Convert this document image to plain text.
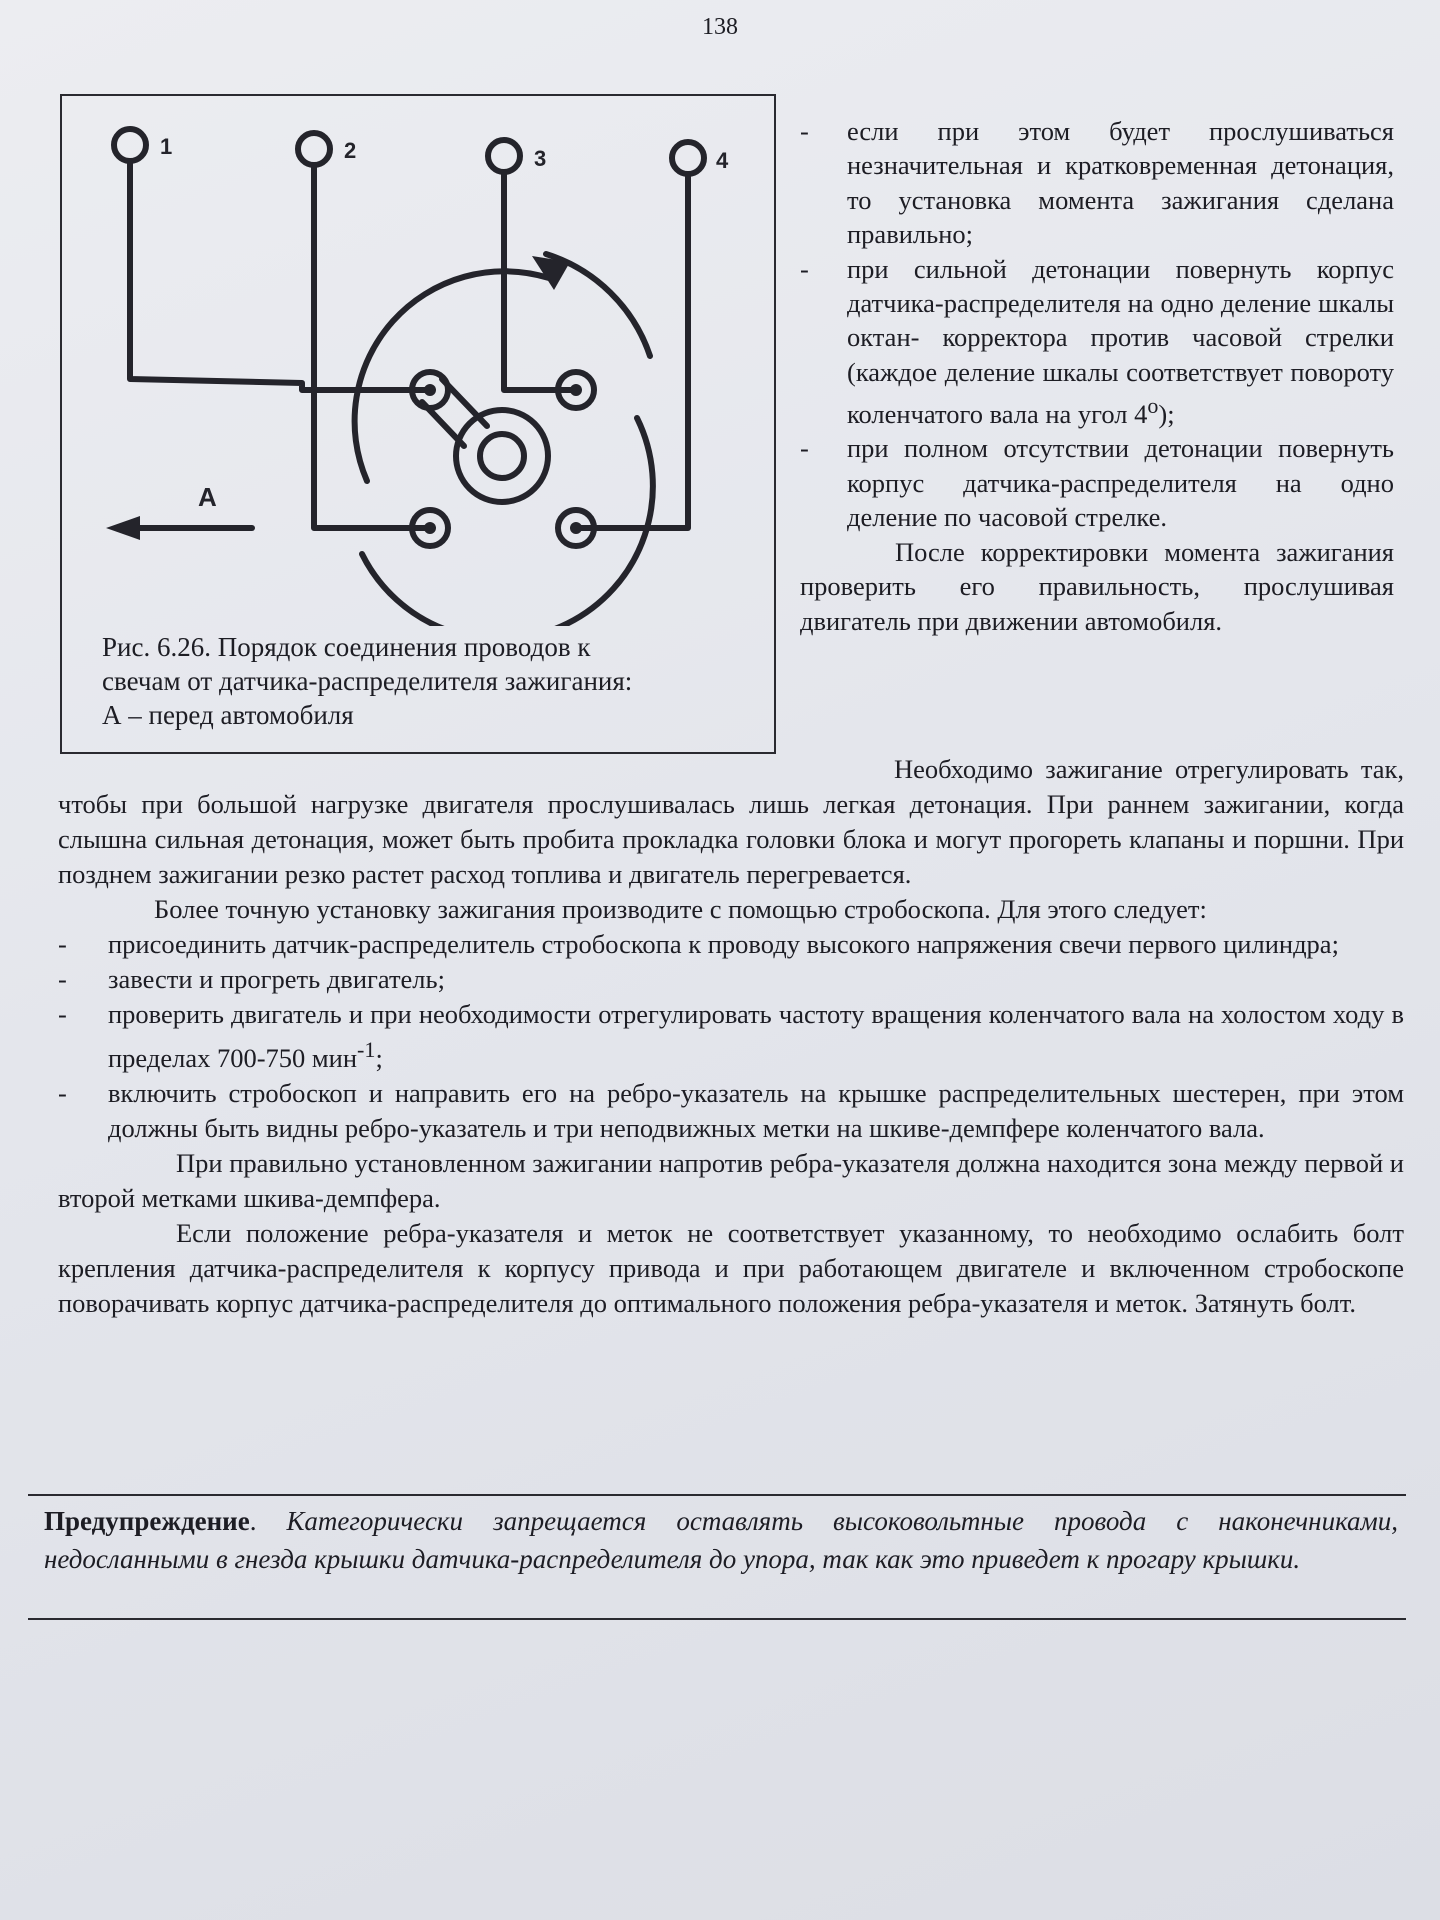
138
1	2	3	4
A
Рис. 6.26. Порядок соединения проводов к
свечам от датчика-распределителя зажигания:
А – перед автомобиля
- если при этом будет прослушиваться незначительная и кратковременная детонация, то установка момента зажигания сделана правильно;
- при сильной детонации повернуть корпус датчика-распределителя на одно деление шкалы октан- корректора против часовой стрелки (каждое деление шкалы соответствует повороту коленчатого вала на угол $4^о$);
- при полном отсутствии детонации повернуть корпус датчика-распределителя на одно деление по часовой стрелке.

После корректировки момента зажигания проверить его правильность, прослушивая двигатель при движении автомобиля.

Необходимо зажигание отрегулировать так, чтобы при большой нагрузке двигателя прослушивалась лишь легкая детонация. При раннем зажигании, когда слышна сильная детонация, может быть пробита прокладка головки блока и могут прогореть клапаны и поршни. При позднем зажигании резко растет расход топлива и двигатель перегревается.

Более точную установку зажигания производите с помощью стробоскопа. Для этого следует:

- присоединить датчик-распределитель стробоскопа к проводу высокого напряжения свечи первого цилиндра;
- завести и прогреть двигатель;
- проверить двигатель и при необходимости отрегулировать частоту вращения коленчатого вала на холостом ходу в пределах 700-750 мин$^{-1}$;
- включить стробоскоп и направить его на ребро-указатель на крышке распределительных шестерен, при этом должны быть видны ребро-указатель и три неподвижных метки на шкиве-демпфере коленчатого вала.

При правильно установленном зажигании напротив ребра-указателя должна находится зона между первой и второй метками шкива-демпфера.

Если положение ребра-указателя и меток не соответствует указанному, то необходимо ослабить болт крепления датчика-распределителя к корпусу привода и при работающем двигателе и включенном стробоскопе поворачивать корпус датчика-распределителя до оптимального положения ребра-указателя и меток. Затянуть болт.

Предупреждение. Категорически запрещается оставлять высоковольтные провода с наконечниками, недосланными в гнезда крышки датчика-распределителя до упора, так как это приведет к прогару крышки.
